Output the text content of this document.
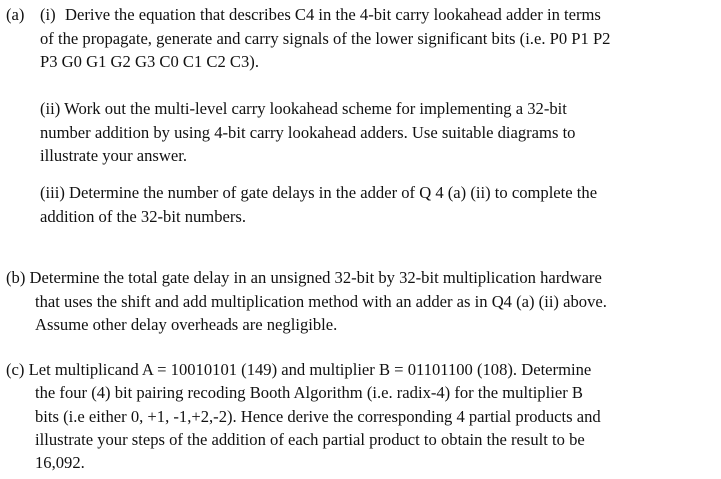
(a) (i) Derive the equation that describes C4 in the 4-bit carry lookahead adder in terms
of the propagate, generate and carry signals of the lower significant bits (i.e. P0 P1 P2
P3 G0 G1 G2 G3 C0 C1 C2 C3).
(ii) Work out the multi-level carry lookahead scheme for implementing a 32-bit
number addition by using 4-bit carry lookahead adders. Use suitable diagrams to
illustrate your answer.
(iii) Determine the number of gate delays in the adder of Q 4 (a) (ii) to complete the
addition of the 32-bit numbers.
(b) Determine the total gate delay in an unsigned 32-bit by 32-bit multiplication hardware
that uses the shift and add multiplication method with an adder as in Q4 (a) (ii) above.
Assume other delay overheads are negligible.
(c) Let multiplicand A = 10010101 (149) and multiplier B = 01101100 (108). Determine
the four (4) bit pairing recoding Booth Algorithm (i.e. radix-4) for the multiplier B
bits (i.e either 0, +1, -1,+2,-2). Hence derive the corresponding 4 partial products and
illustrate your steps of the addition of each partial product to obtain the result to be
16,092.
